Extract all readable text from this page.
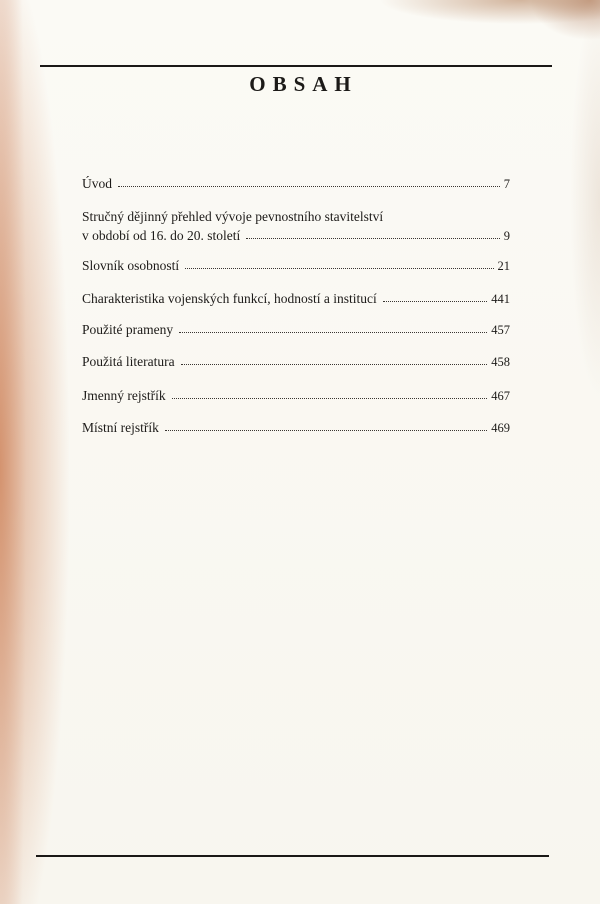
OBSAH
Úvod	7
Stručný dějinný přehled vývoje pevnostního stavitelství
v období od 16. do 20. století	9
Slovník osobností	21
Charakteristika vojenských funkcí, hodností a institucí	441
Použité prameny	457
Použitá literatura	458
Jmenný rejstřík	467
Místní rejstřík	469
